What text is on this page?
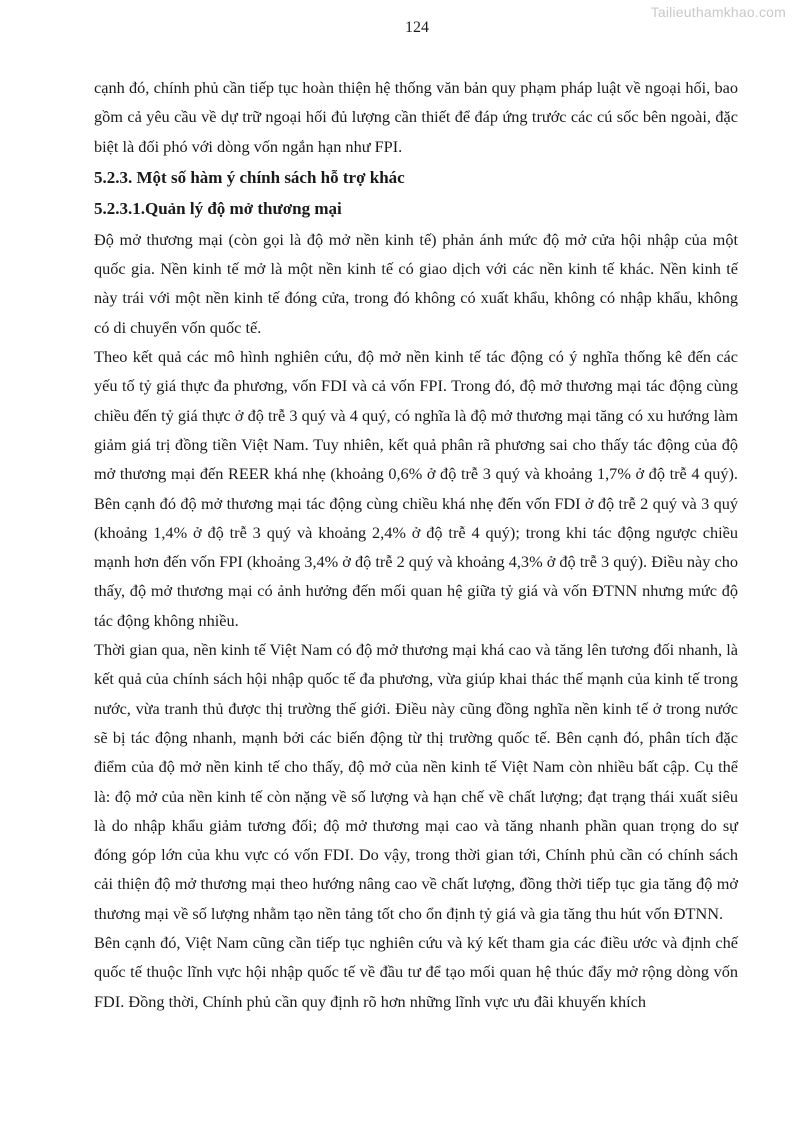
Tailieuthamkhao.com
124

cạnh đó, chính phủ cần tiếp tục hoàn thiện hệ thống văn bản quy phạm pháp luật về ngoại hối, bao gồm cả yêu cầu về dự trữ ngoại hối đủ lượng cần thiết để đáp ứng trước các cú sốc bên ngoài, đặc biệt là đối phó với dòng vốn ngắn hạn như FPI.

5.2.3. Một số hàm ý chính sách hỗ trợ khác
5.2.3.1.Quản lý độ mở thương mại

Độ mở thương mại (còn gọi là độ mở nền kinh tế) phản ánh mức độ mở cửa hội nhập của một quốc gia. Nền kinh tế mở là một nền kinh tế có giao dịch với các nền kinh tế khác. Nền kinh tế này trái với một nền kinh tế đóng cửa, trong đó không có xuất khẩu, không có nhập khẩu, không có di chuyển vốn quốc tế.

Theo kết quả các mô hình nghiên cứu, độ mở nền kinh tế tác động có ý nghĩa thống kê đến các yếu tố tỷ giá thực đa phương, vốn FDI và cả vốn FPI. Trong đó, độ mở thương mại tác động cùng chiều đến tỷ giá thực ở độ trễ 3 quý và 4 quý, có nghĩa là độ mở thương mại tăng có xu hướng làm giảm giá trị đồng tiền Việt Nam. Tuy nhiên, kết quả phân rã phương sai cho thấy tác động của độ mở thương mại đến REER khá nhẹ (khoảng 0,6% ở độ trễ 3 quý và khoảng 1,7% ở độ trễ 4 quý). Bên cạnh đó độ mở thương mại tác động cùng chiều khá nhẹ đến vốn FDI ở độ trễ 2 quý và 3 quý (khoảng 1,4% ở độ trễ 3 quý và khoảng 2,4% ở độ trễ 4 quý); trong khi tác động ngược chiều mạnh hơn đến vốn FPI (khoảng 3,4% ở độ trễ 2 quý và khoảng 4,3% ở độ trễ 3 quý). Điều này cho thấy, độ mở thương mại có ảnh hưởng đến mối quan hệ giữa tỷ giá và vốn ĐTNN nhưng mức độ tác động không nhiều.

Thời gian qua, nền kinh tế Việt Nam có độ mở thương mại khá cao và tăng lên tương đối nhanh, là kết quả của chính sách hội nhập quốc tế đa phương, vừa giúp khai thác thế mạnh của kinh tế trong nước, vừa tranh thủ được thị trường thế giới. Điều này cũng đồng nghĩa nền kinh tế ở trong nước sẽ bị tác động nhanh, mạnh bởi các biến động từ thị trường quốc tế. Bên cạnh đó, phân tích đặc điểm của độ mở nền kinh tế cho thấy, độ mở của nền kinh tế Việt Nam còn nhiều bất cập. Cụ thể là: độ mở của nền kinh tế còn nặng về số lượng và hạn chế về chất lượng; đạt trạng thái xuất siêu là do nhập khẩu giảm tương đối; độ mở thương mại cao và tăng nhanh phần quan trọng do sự đóng góp lớn của khu vực có vốn FDI. Do vậy, trong thời gian tới, Chính phủ cần có chính sách cải thiện độ mở thương mại theo hướng nâng cao về chất lượng, đồng thời tiếp tục gia tăng độ mở thương mại về số lượng nhằm tạo nền tảng tốt cho ổn định tỷ giá và gia tăng thu hút vốn ĐTNN.

Bên cạnh đó, Việt Nam cũng cần tiếp tục nghiên cứu và ký kết tham gia các điều ước và định chế quốc tế thuộc lĩnh vực hội nhập quốc tế về đầu tư để tạo mối quan hệ thúc đẩy mở rộng dòng vốn FDI. Đồng thời, Chính phủ cần quy định rõ hơn những lĩnh vực ưu đãi khuyến khích
